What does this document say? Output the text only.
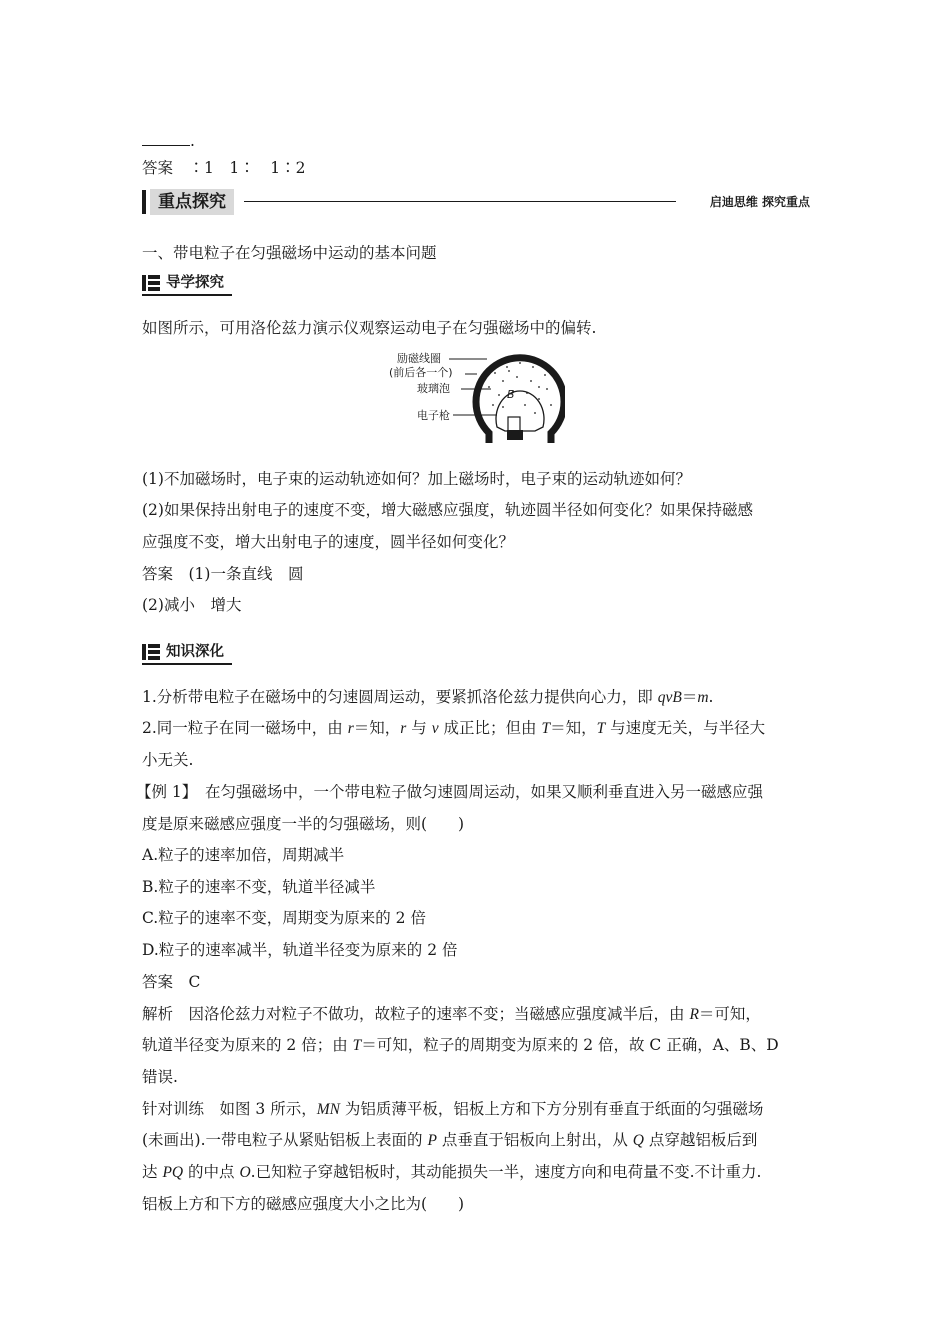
.
答案　∶1　1∶　1∶2
重点探究	启迪思维 探究重点
一、带电粒子在匀强磁场中运动的基本问题
导学探究
如图所示，可用洛伦兹力演示仪观察运动电子在匀强磁场中的偏转.
励磁线圈
(前后各一个)
玻璃泡
电子枪
B
(1)不加磁场时，电子束的运动轨迹如何？加上磁场时，电子束的运动轨迹如何？
(2)如果保持出射电子的速度不变，增大磁感应强度，轨迹圆半径如何变化？如果保持磁感
应强度不变，增大出射电子的速度，圆半径如何变化？
答案　(1)一条直线　圆
(2)减小　增大
知识深化
1.分析带电粒子在磁场中的匀速圆周运动，要紧抓洛伦兹力提供向心力，即 qvB＝m.
2.同一粒子在同一磁场中，由 r＝知，r 与 v 成正比；但由 T＝知，T 与速度无关，与半径大
小无关.
【例 1】　在匀强磁场中，一个带电粒子做匀速圆周运动，如果又顺利垂直进入另一磁感应强
度是原来磁感应强度一半的匀强磁场，则(　　)
A.粒子的速率加倍，周期减半
B.粒子的速率不变，轨道半径减半
C.粒子的速率不变，周期变为原来的 2 倍
D.粒子的速率减半，轨道半径变为原来的 2 倍
答案　C
解析　因洛伦兹力对粒子不做功，故粒子的速率不变；当磁感应强度减半后，由 R＝可知，
轨道半径变为原来的 2 倍；由 T＝可知，粒子的周期变为原来的 2 倍，故 C 正确，A、B、D
错误.
针对训练　如图 3 所示，MN 为铝质薄平板，铝板上方和下方分别有垂直于纸面的匀强磁场
(未画出).一带电粒子从紧贴铝板上表面的 P 点垂直于铝板向上射出，从 Q 点穿越铝板后到
达 PQ 的中点 O.已知粒子穿越铝板时，其动能损失一半，速度方向和电荷量不变.不计重力.
铝板上方和下方的磁感应强度大小之比为(　　)
